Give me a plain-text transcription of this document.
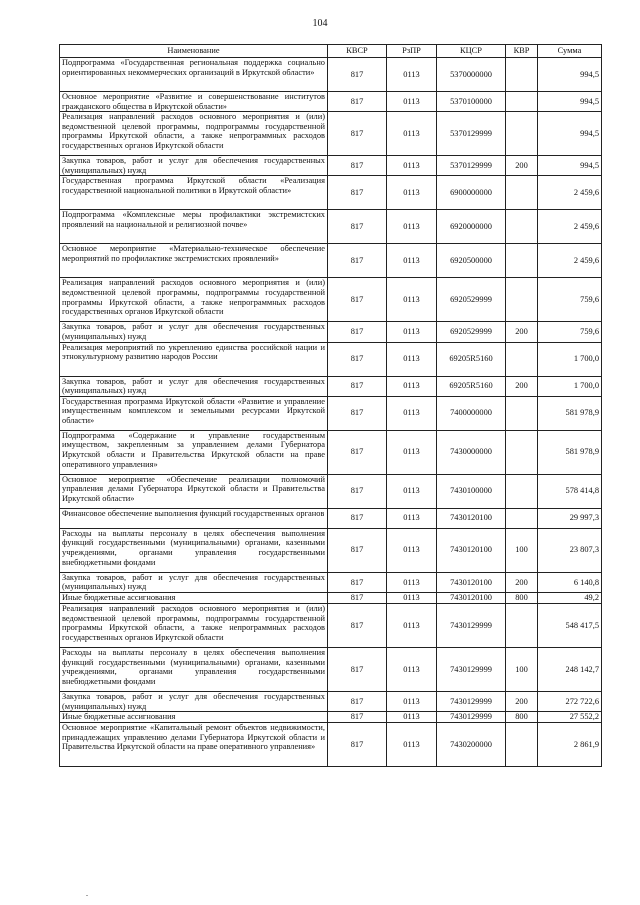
104
Наименование	КВСР	РзПР	КЦСР	КВР	Сумма
Подпрограмма «Государственная региональная поддержка социально ориентированных некоммерческих организаций в Иркутской области»	817	0113	5370000000		994,5
Основное мероприятие «Развитие и совершенствование институтов гражданского общества в Иркутской области»	817	0113	5370100000		994,5
Реализация направлений расходов основного мероприятия и (или) ведомственной целевой программы, подпрограммы государственной программы Иркутской области, а также непрограммных расходов государственных органов Иркутской области	817	0113	5370129999		994,5
Закупка товаров, работ и услуг для обеспечения государственных (муниципальных) нужд	817	0113	5370129999	200	994,5
Государственная программа Иркутской области «Реализация государственной национальной политики в Иркутской области»	817	0113	6900000000		2 459,6
Подпрограмма «Комплексные меры профилактики экстремистских проявлений на национальной и религиозной почве»	817	0113	6920000000		2 459,6
Основное мероприятие «Материально-техническое обеспечение мероприятий по профилактике экстремистских проявлений»	817	0113	6920500000		2 459,6
Реализация направлений расходов основного мероприятия и (или) ведомственной целевой программы, подпрограммы государственной программы Иркутской области, а также непрограммных расходов государственных органов Иркутской области	817	0113	6920529999		759,6
Закупка товаров, работ и услуг для обеспечения государственных (муниципальных) нужд	817	0113	6920529999	200	759,6
Реализация мероприятий по укреплению единства российской нации и этнокультурному развитию народов России	817	0113	69205R5160		1 700,0
Закупка товаров, работ и услуг для обеспечения государственных (муниципальных) нужд	817	0113	69205R5160	200	1 700,0
Государственная программа Иркутской области «Развитие и управление имущественным комплексом и земельными ресурсами Иркутской области»	817	0113	7400000000		581 978,9
Подпрограмма «Содержание и управление государственным имуществом, закрепленным за управлением делами Губернатора Иркутской области и Правительства Иркутской области на праве оперативного управления»	817	0113	7430000000		581 978,9
Основное мероприятие «Обеспечение реализации полномочий управления делами Губернатора Иркутской области и Правительства Иркутской области»	817	0113	7430100000		578 414,8
Финансовое обеспечение выполнения функций государственных органов	817	0113	7430120100		29 997,3
Расходы на выплаты персоналу в целях обеспечения выполнения функций государственными (муниципальными) органами, казенными учреждениями, органами управления государственными внебюджетными фондами	817	0113	7430120100	100	23 807,3
Закупка товаров, работ и услуг для обеспечения государственных (муниципальных) нужд	817	0113	7430120100	200	6 140,8
Иные бюджетные ассигнования	817	0113	7430120100	800	49,2
Реализация направлений расходов основного мероприятия и (или) ведомственной целевой программы, подпрограммы государственной программы Иркутской области, а также непрограммных расходов государственных органов Иркутской области	817	0113	7430129999		548 417,5
Расходы на выплаты персоналу в целях обеспечения выполнения функций государственными (муниципальными) органами, казенными учреждениями, органами управления государственными внебюджетными фондами	817	0113	7430129999	100	248 142,7
Закупка товаров, работ и услуг для обеспечения государственных (муниципальных) нужд	817	0113	7430129999	200	272 722,6
Иные бюджетные ассигнования	817	0113	7430129999	800	27 552,2
Основное мероприятие «Капитальный ремонт объектов недвижимости, принадлежащих управлению делами Губернатора Иркутской области и Правительства Иркутской области на праве оперативного управления»	817	0113	7430200000		2 861,9
.
